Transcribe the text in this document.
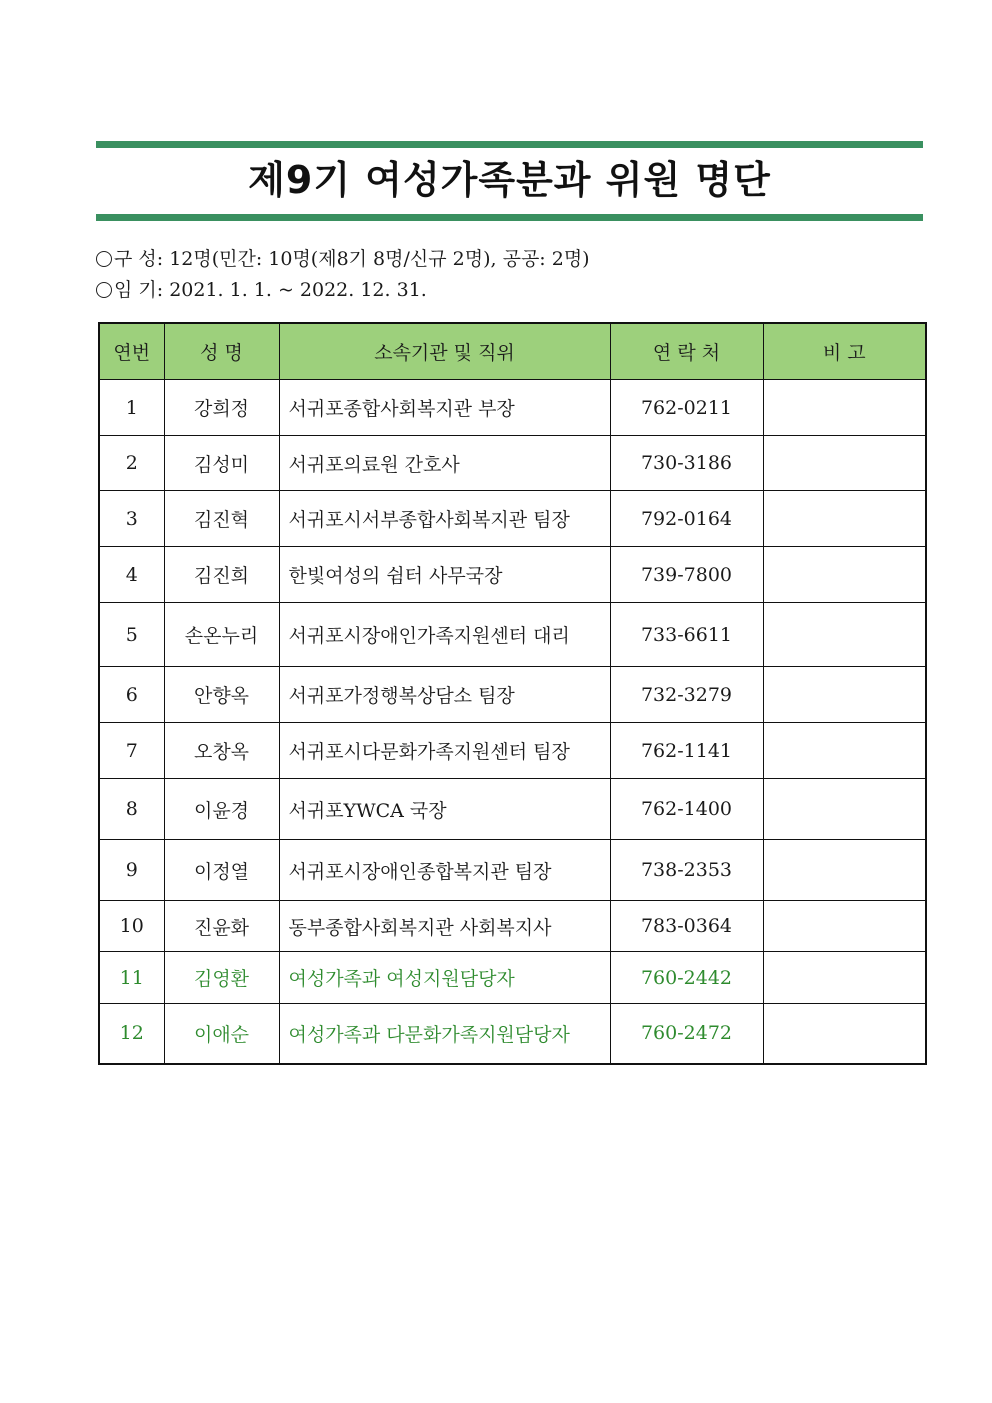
제9기 여성가족분과 위원 명단
구 성: 12명(민간: 10명(제8기 8명/신규 2명), 공공: 2명)
임 기: 2021. 1. 1. ~ 2022. 12. 31.
연번	성 명	소속기관 및 직위	연 락 처	비 고
1	강희정	서귀포종합사회복지관 부장	762-0211	
2	김성미	서귀포의료원 간호사	730-3186	
3	김진혁	서귀포시서부종합사회복지관 팀장	792-0164	
4	김진희	한빛여성의 쉼터 사무국장	739-7800	
5	손온누리	서귀포시장애인가족지원센터 대리	733-6611	
6	안향옥	서귀포가정행복상담소 팀장	732-3279	
7	오창옥	서귀포시다문화가족지원센터 팀장	762-1141	
8	이윤경	서귀포YWCA 국장	762-1400	
9	이정열	서귀포시장애인종합복지관 팀장	738-2353	
10	진윤화	동부종합사회복지관 사회복지사	783-0364	
11	김영환	여성가족과 여성지원담당자	760-2442	
12	이애순	여성가족과 다문화가족지원담당자	760-2472	
